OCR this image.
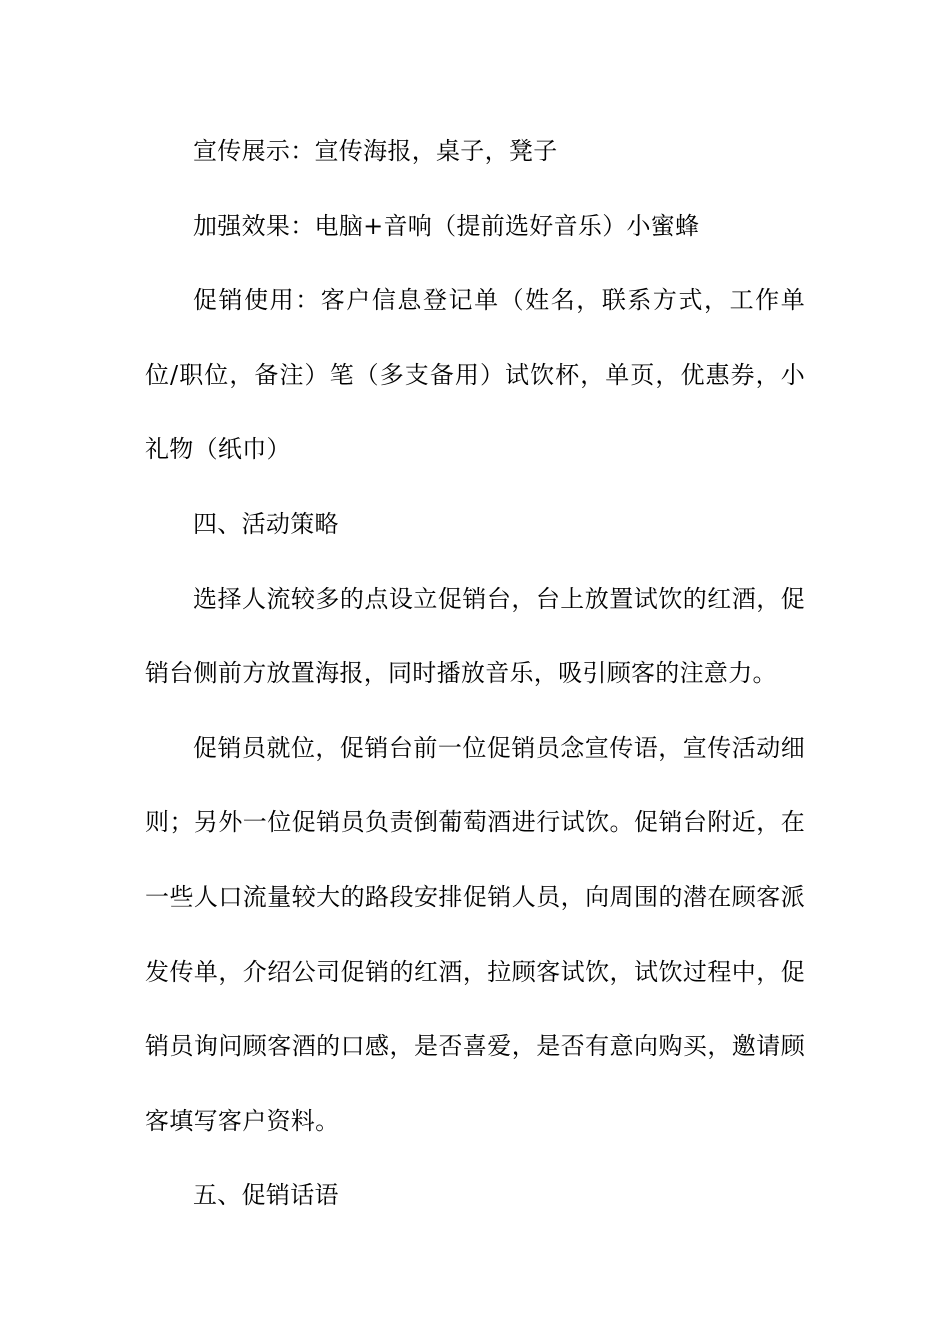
宣传展示：宣传海报，桌子，凳子

加强效果：电脑+音响（提前选好音乐）小蜜蜂

促销使用：客户信息登记单（姓名，联系方式，工作单位/职位，备注）笔（多支备用）试饮杯，单页，优惠券，小礼物（纸巾）

四、活动策略

选择人流较多的点设立促销台，台上放置试饮的红酒，促销台侧前方放置海报，同时播放音乐，吸引顾客的注意力。

促销员就位，促销台前一位促销员念宣传语，宣传活动细则；另外一位促销员负责倒葡萄酒进行试饮。促销台附近，在一些人口流量较大的路段安排促销人员，向周围的潜在顾客派发传单，介绍公司促销的红酒，拉顾客试饮，试饮过程中，促销员询问顾客酒的口感，是否喜爱，是否有意向购买，邀请顾客填写客户资料。

五、促销话语
